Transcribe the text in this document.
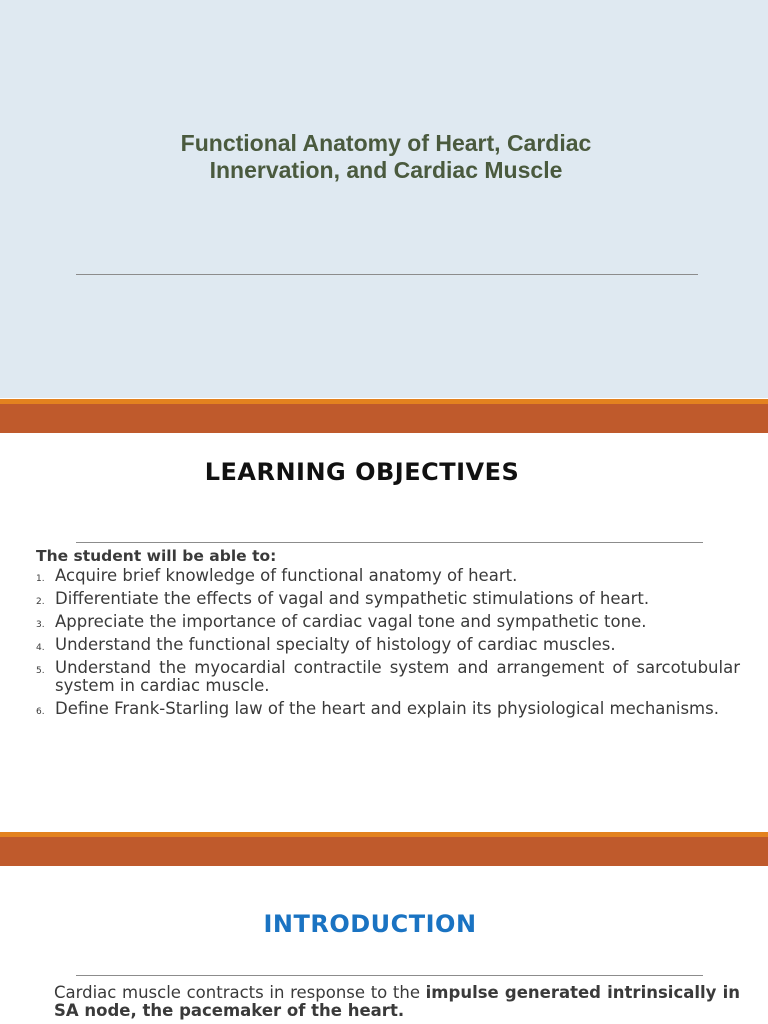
Functional Anatomy of Heart, Cardiac
Innervation, and Cardiac Muscle
LEARNING OBJECTIVES
The student will be able to:
Acquire brief knowledge of functional anatomy of heart.
Differentiate the effects of vagal and sympathetic stimulations of heart.
Appreciate the importance of cardiac vagal tone and sympathetic tone.
Understand the functional specialty of histology of cardiac muscles.
Understand the myocardial contractile system and arrangement of sarcotubular system in cardiac muscle.
Define Frank-Starling law of the heart and explain its physiological mechanisms.
INTRODUCTION
Cardiac muscle contracts in response to the impulse generated intrinsically in SA node, the pacemaker of the heart.
